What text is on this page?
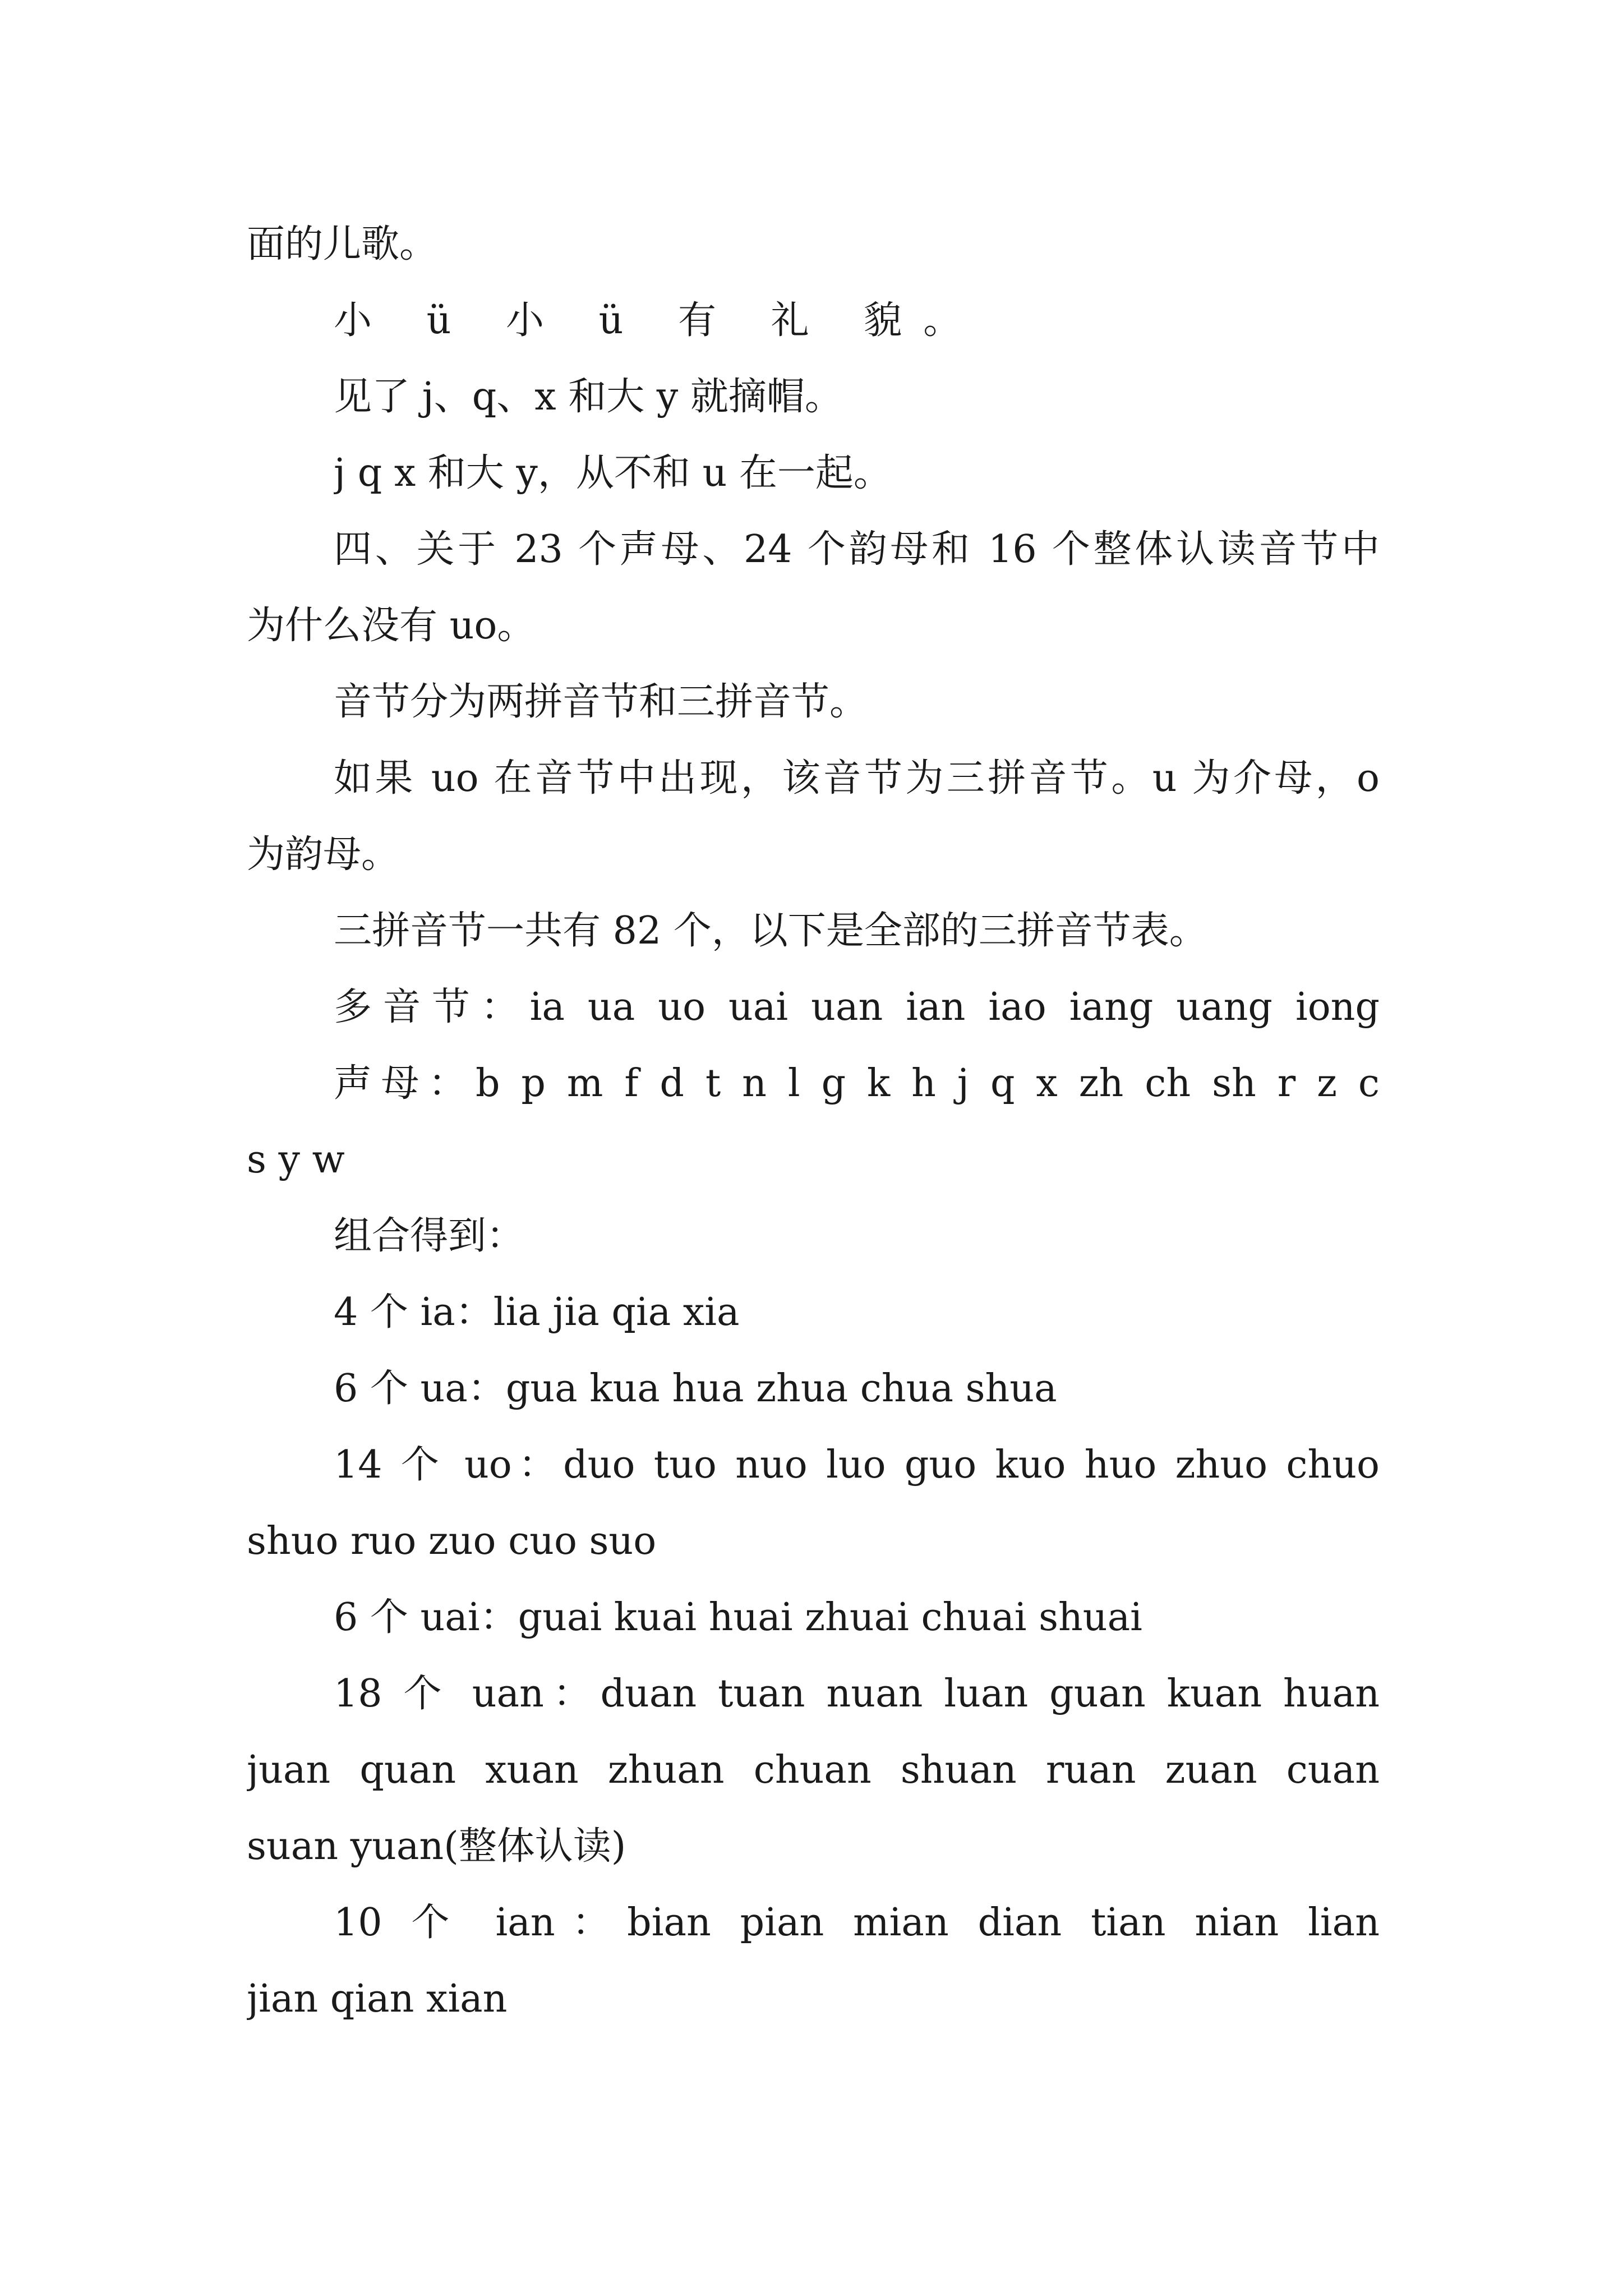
面的儿歌。
小 ü 小 ü 有 礼 貌。
见了 j、q、x 和大 y 就摘帽。
j q x 和大 y，从不和 u 在一起。
四、关于 23 个声母、24 个韵母和 16 个整体认读音节中
为什么没有 uo。
音节分为两拼音节和三拼音节。
如果 uo 在音节中出现，该音节为三拼音节。u 为介母，o
为韵母。
三拼音节一共有 82 个，以下是全部的三拼音节表。
多音节：ia ua uo uai uan ian iao iang uang iong
声母：b p m f d t n l g k h j q x zh ch sh r z c
s y w
组合得到：
4 个 ia：lia jia qia xia
6 个 ua：gua kua hua zhua chua shua
14 个 uo：duo tuo nuo luo guo kuo huo zhuo chuo
shuo ruo zuo cuo suo
6 个 uai：guai kuai huai zhuai chuai shuai
18 个 uan：duan tuan nuan luan guan kuan huan
juan quan xuan zhuan chuan shuan ruan zuan cuan
suan yuan(整体认读)
10 个 ian：bian pian mian dian tian nian lian
jian qian xian
